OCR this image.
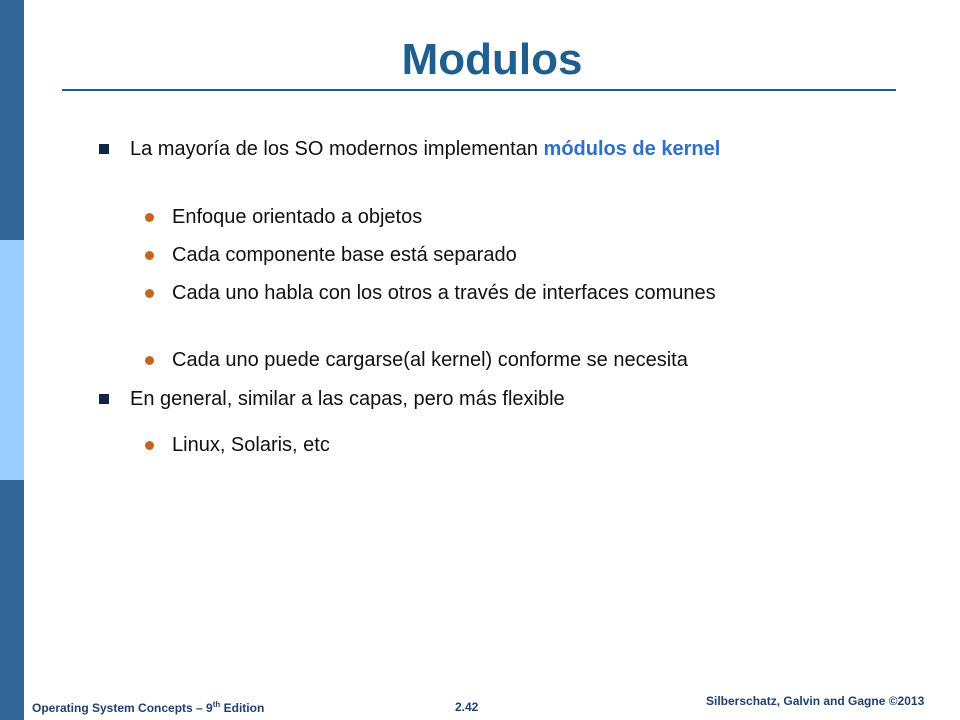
Modulos
La mayoría de los SO modernos implementan módulos de kernel
Enfoque orientado a objetos
Cada componente base está separado
Cada uno habla con los otros a través de interfaces comunes
Cada uno puede cargarse(al kernel) conforme se necesita
En general, similar a las capas, pero más flexible
Linux, Solaris, etc
Operating System Concepts – 9th Edition	2.42	Silberschatz, Galvin and Gagne ©2013
